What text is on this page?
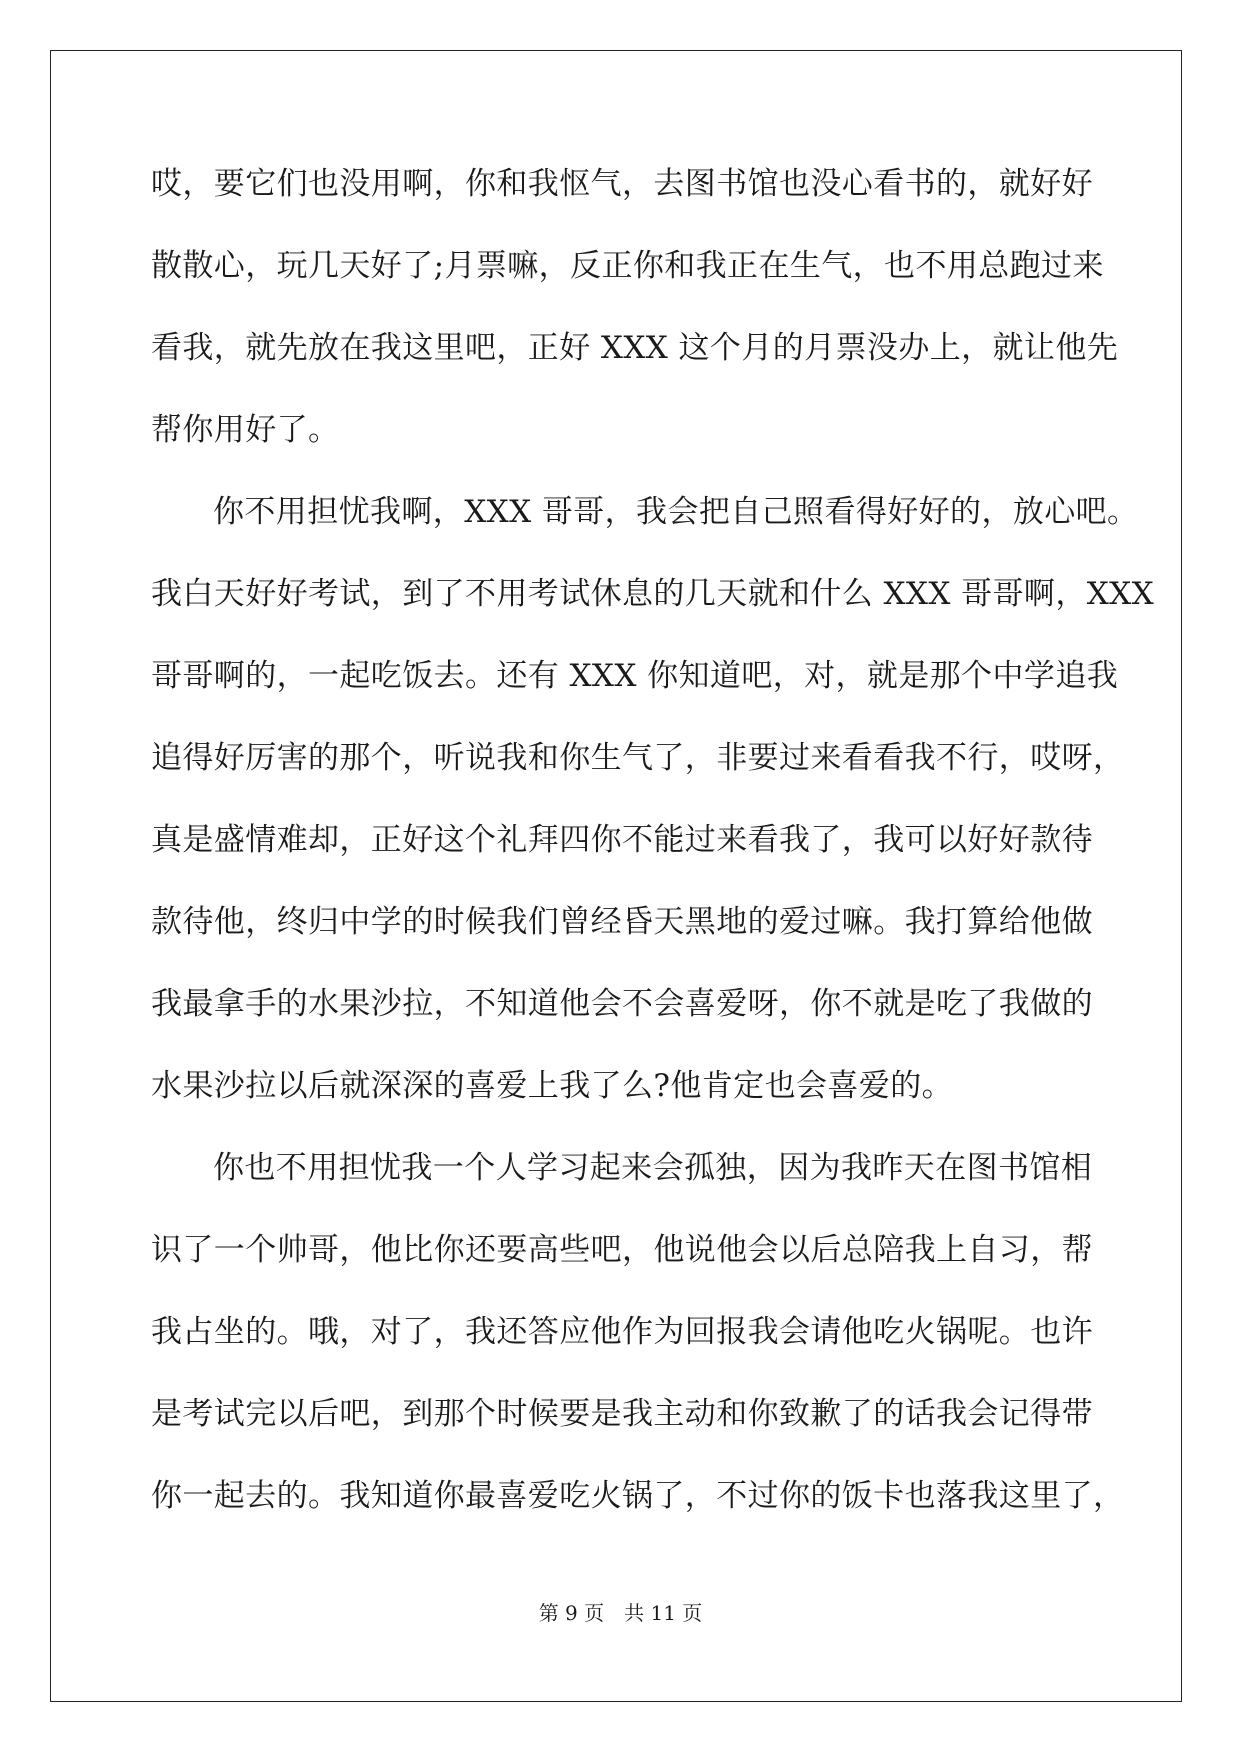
哎，要它们也没用啊，你和我怄气，去图书馆也没心看书的，就好好
散散心，玩几天好了;月票嘛，反正你和我正在生气，也不用总跑过来
看我，就先放在我这里吧，正好 XXX 这个月的月票没办上，就让他先
帮你用好了。
你不用担忧我啊，XXX 哥哥，我会把自己照看得好好的，放心吧。
我白天好好考试，到了不用考试休息的几天就和什么 XXX 哥哥啊，XXX
哥哥啊的，一起吃饭去。还有 XXX 你知道吧，对，就是那个中学追我
追得好厉害的那个，听说我和你生气了，非要过来看看我不行，哎呀，
真是盛情难却，正好这个礼拜四你不能过来看我了，我可以好好款待
款待他，终归中学的时候我们曾经昏天黑地的爱过嘛。我打算给他做
我最拿手的水果沙拉，不知道他会不会喜爱呀，你不就是吃了我做的
水果沙拉以后就深深的喜爱上我了么?他肯定也会喜爱的。
你也不用担忧我一个人学习起来会孤独，因为我昨天在图书馆相
识了一个帅哥，他比你还要高些吧，他说他会以后总陪我上自习，帮
我占坐的。哦，对了，我还答应他作为回报我会请他吃火锅呢。也许
是考试完以后吧，到那个时候要是我主动和你致歉了的话我会记得带
你一起去的。我知道你最喜爱吃火锅了，不过你的饭卡也落我这里了，
第 9 页 共 11 页
